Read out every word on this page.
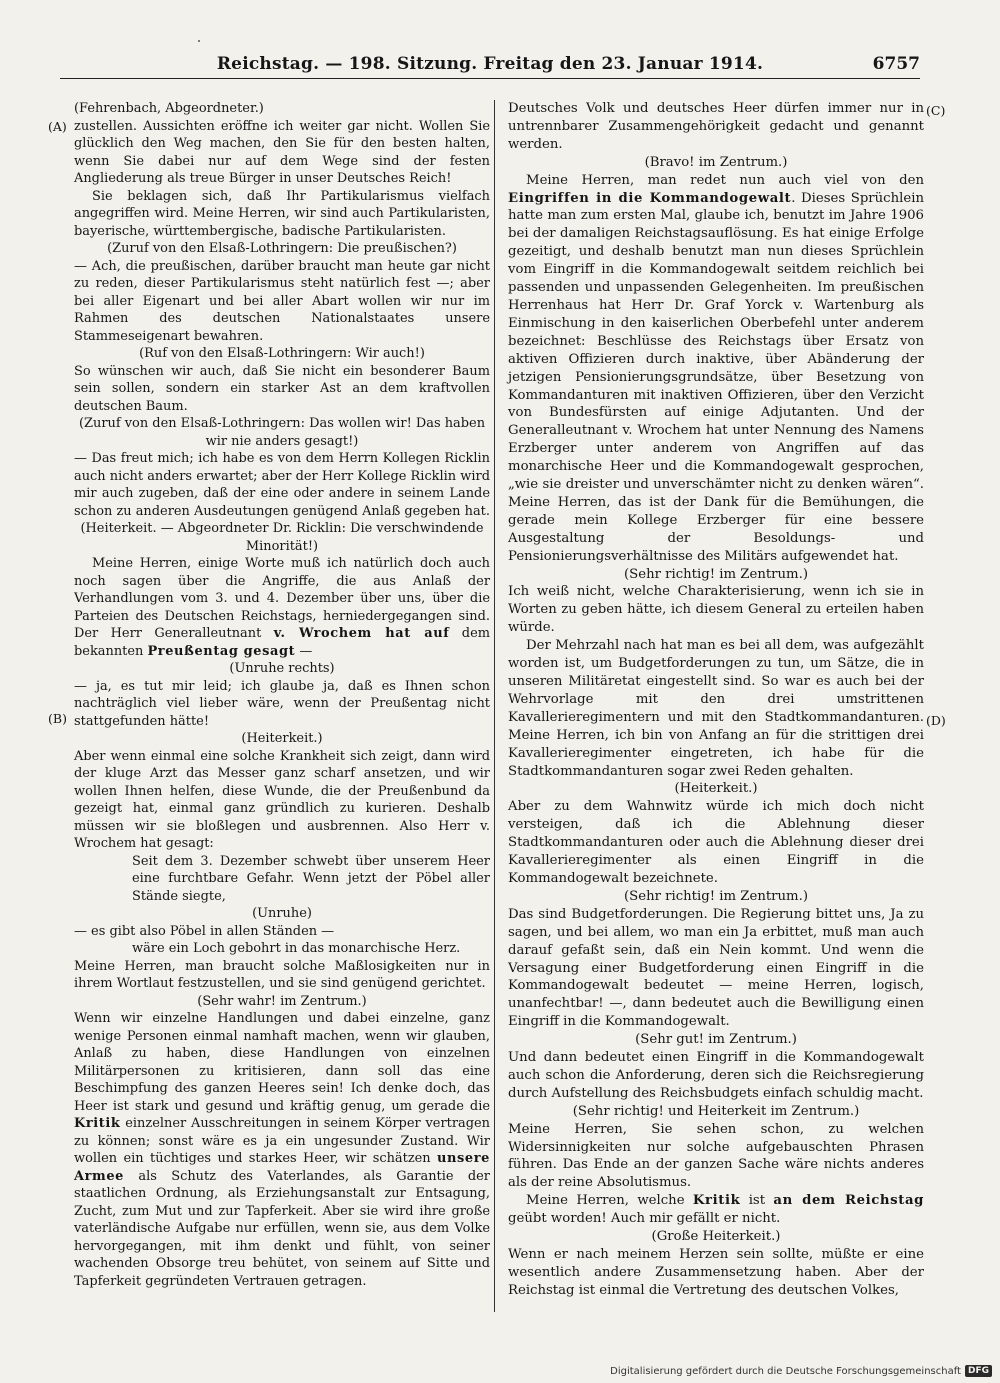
Reichstag. — 198. Sitzung. Freitag den 23. Januar 1914.	6757
(A)
(B)
(C)
(D)

(Fehrenbach, Abgeordneter.)

zustellen. Aussichten eröffne ich weiter gar nicht. Wollen Sie glücklich den Weg machen, den Sie für den besten halten, wenn Sie dabei nur auf dem Wege sind der festen Angliederung als treue Bürger in unser Deutsches Reich!

Sie beklagen sich, daß Ihr Partikularismus vielfach angegriffen wird. Meine Herren, wir sind auch Partikularisten, bayerische, württembergische, badische Partikularisten.

(Zuruf von den Elsaß-Lothringern: Die preußischen?)

— Ach, die preußischen, darüber braucht man heute gar nicht zu reden, dieser Partikularismus steht natürlich fest —; aber bei aller Eigenart und bei aller Abart wollen wir nur im Rahmen des deutschen Nationalstaates unsere Stammeseigenart bewahren.

(Ruf von den Elsaß-Lothringern: Wir auch!)

So wünschen wir auch, daß Sie nicht ein besonderer Baum sein sollen, sondern ein starker Ast an dem kraftvollen deutschen Baum.

(Zuruf von den Elsaß-Lothringern: Das wollen wir! Das haben wir nie anders gesagt!)

— Das freut mich; ich habe es von dem Herrn Kollegen Ricklin auch nicht anders erwartet; aber der Herr Kollege Ricklin wird mir auch zugeben, daß der eine oder andere in seinem Lande schon zu anderen Ausdeutungen genügend Anlaß gegeben hat.

(Heiterkeit. — Abgeordneter Dr. Ricklin: Die verschwindende Minorität!)

Meine Herren, einige Worte muß ich natürlich doch auch noch sagen über die Angriffe, die aus Anlaß der Verhandlungen vom 3. und 4. Dezember über uns, über die Parteien des Deutschen Reichstags, herniedergegangen sind. Der Herr Generalleutnant v. Wrochem hat auf dem bekannten Preußentag gesagt —

(Unruhe rechts)

— ja, es tut mir leid; ich glaube ja, daß es Ihnen schon nachträglich viel lieber wäre, wenn der Preußentag nicht stattgefunden hätte!

(Heiterkeit.)

Aber wenn einmal eine solche Krankheit sich zeigt, dann wird der kluge Arzt das Messer ganz scharf ansetzen, und wir wollen Ihnen helfen, diese Wunde, die der Preußenbund da gezeigt hat, einmal ganz gründlich zu kurieren. Deshalb müssen wir sie bloßlegen und ausbrennen. Also Herr v. Wrochem hat gesagt:

Seit dem 3. Dezember schwebt über unserem Heer eine furchtbare Gefahr. Wenn jetzt der Pöbel aller Stände siegte,

(Unruhe)

— es gibt also Pöbel in allen Ständen —

wäre ein Loch gebohrt in das monarchische Herz.

Meine Herren, man braucht solche Maßlosigkeiten nur in ihrem Wortlaut festzustellen, und sie sind genügend gerichtet.

(Sehr wahr! im Zentrum.)

Wenn wir einzelne Handlungen und dabei einzelne, ganz wenige Personen einmal namhaft machen, wenn wir glauben, Anlaß zu haben, diese Handlungen von einzelnen Militärpersonen zu kritisieren, dann soll das eine Beschimpfung des ganzen Heeres sein! Ich denke doch, das Heer ist stark und gesund und kräftig genug, um gerade die Kritik einzelner Ausschreitungen in seinem Körper vertragen zu können; sonst wäre es ja ein ungesunder Zustand. Wir wollen ein tüchtiges und starkes Heer, wir schätzen unsere Armee als Schutz des Vaterlandes, als Garantie der staatlichen Ordnung, als Erziehungsanstalt zur Entsagung, Zucht, zum Mut und zur Tapferkeit. Aber sie wird ihre große vaterländische Aufgabe nur erfüllen, wenn sie, aus dem Volke hervorgegangen, mit ihm denkt und fühlt, von seiner wachenden Obsorge treu behütet, von seinem auf Sitte und Tapferkeit gegründeten Vertrauen getragen.

Deutsches Volk und deutsches Heer dürfen immer nur in untrennbarer Zusammengehörigkeit gedacht und genannt werden.

(Bravo! im Zentrum.)

Meine Herren, man redet nun auch viel von den Eingriffen in die Kommandogewalt. Dieses Sprüchlein hatte man zum ersten Mal, glaube ich, benutzt im Jahre 1906 bei der damaligen Reichstagsauflösung. Es hat einige Erfolge gezeitigt, und deshalb benutzt man nun dieses Sprüchlein vom Eingriff in die Kommandogewalt seitdem reichlich bei passenden und unpassenden Gelegenheiten. Im preußischen Herrenhaus hat Herr Dr. Graf Yorck v. Wartenburg als Einmischung in den kaiserlichen Oberbefehl unter anderem bezeichnet: Beschlüsse des Reichstags über Ersatz von aktiven Offizieren durch inaktive, über Abänderung der jetzigen Pensionierungsgrundsätze, über Besetzung von Kommandanturen mit inaktiven Offizieren, über den Verzicht von Bundesfürsten auf einige Adjutanten. Und der Generalleutnant v. Wrochem hat unter Nennung des Namens Erzberger unter anderem von Angriffen auf das monarchische Heer und die Kommandogewalt gesprochen, „wie sie dreister und unverschämter nicht zu denken wären“. Meine Herren, das ist der Dank für die Bemühungen, die gerade mein Kollege Erzberger für eine bessere Ausgestaltung der Besoldungs- und Pensionierungsverhältnisse des Militärs aufgewendet hat.

(Sehr richtig! im Zentrum.)

Ich weiß nicht, welche Charakterisierung, wenn ich sie in Worten zu geben hätte, ich diesem General zu erteilen haben würde.

Der Mehrzahl nach hat man es bei all dem, was aufgezählt worden ist, um Budgetforderungen zu tun, um Sätze, die in unseren Militäretat eingestellt sind. So war es auch bei der Wehrvorlage mit den drei umstrittenen Kavallerieregimentern und mit den Stadtkommandanturen. Meine Herren, ich bin von Anfang an für die strittigen drei Kavallerieregimenter eingetreten, ich habe für die Stadtkommandanturen sogar zwei Reden gehalten.

(Heiterkeit.)

Aber zu dem Wahnwitz würde ich mich doch nicht versteigen, daß ich die Ablehnung dieser Stadtkommandanturen oder auch die Ablehnung dieser drei Kavallerieregimenter als einen Eingriff in die Kommandogewalt bezeichnete.

(Sehr richtig! im Zentrum.)

Das sind Budgetforderungen. Die Regierung bittet uns, Ja zu sagen, und bei allem, wo man ein Ja erbittet, muß man auch darauf gefaßt sein, daß ein Nein kommt. Und wenn die Versagung einer Budgetforderung einen Eingriff in die Kommandogewalt bedeutet — meine Herren, logisch, unanfechtbar! —, dann bedeutet auch die Bewilligung einen Eingriff in die Kommandogewalt.

(Sehr gut! im Zentrum.)

Und dann bedeutet einen Eingriff in die Kommandogewalt auch schon die Anforderung, deren sich die Reichsregierung durch Aufstellung des Reichsbudgets einfach schuldig macht.

(Sehr richtig! und Heiterkeit im Zentrum.)

Meine Herren, Sie sehen schon, zu welchen Widersinnigkeiten nur solche aufgebauschten Phrasen führen. Das Ende an der ganzen Sache wäre nichts anderes als der reine Absolutismus.

Meine Herren, welche Kritik ist an dem Reichstag geübt worden! Auch mir gefällt er nicht.

(Große Heiterkeit.)

Wenn er nach meinem Herzen sein sollte, müßte er eine wesentlich andere Zusammensetzung haben. Aber der Reichstag ist einmal die Vertretung des deutschen Volkes,

Digitalisierung gefördert durch die Deutsche Forschungsgemeinschaft DFG
